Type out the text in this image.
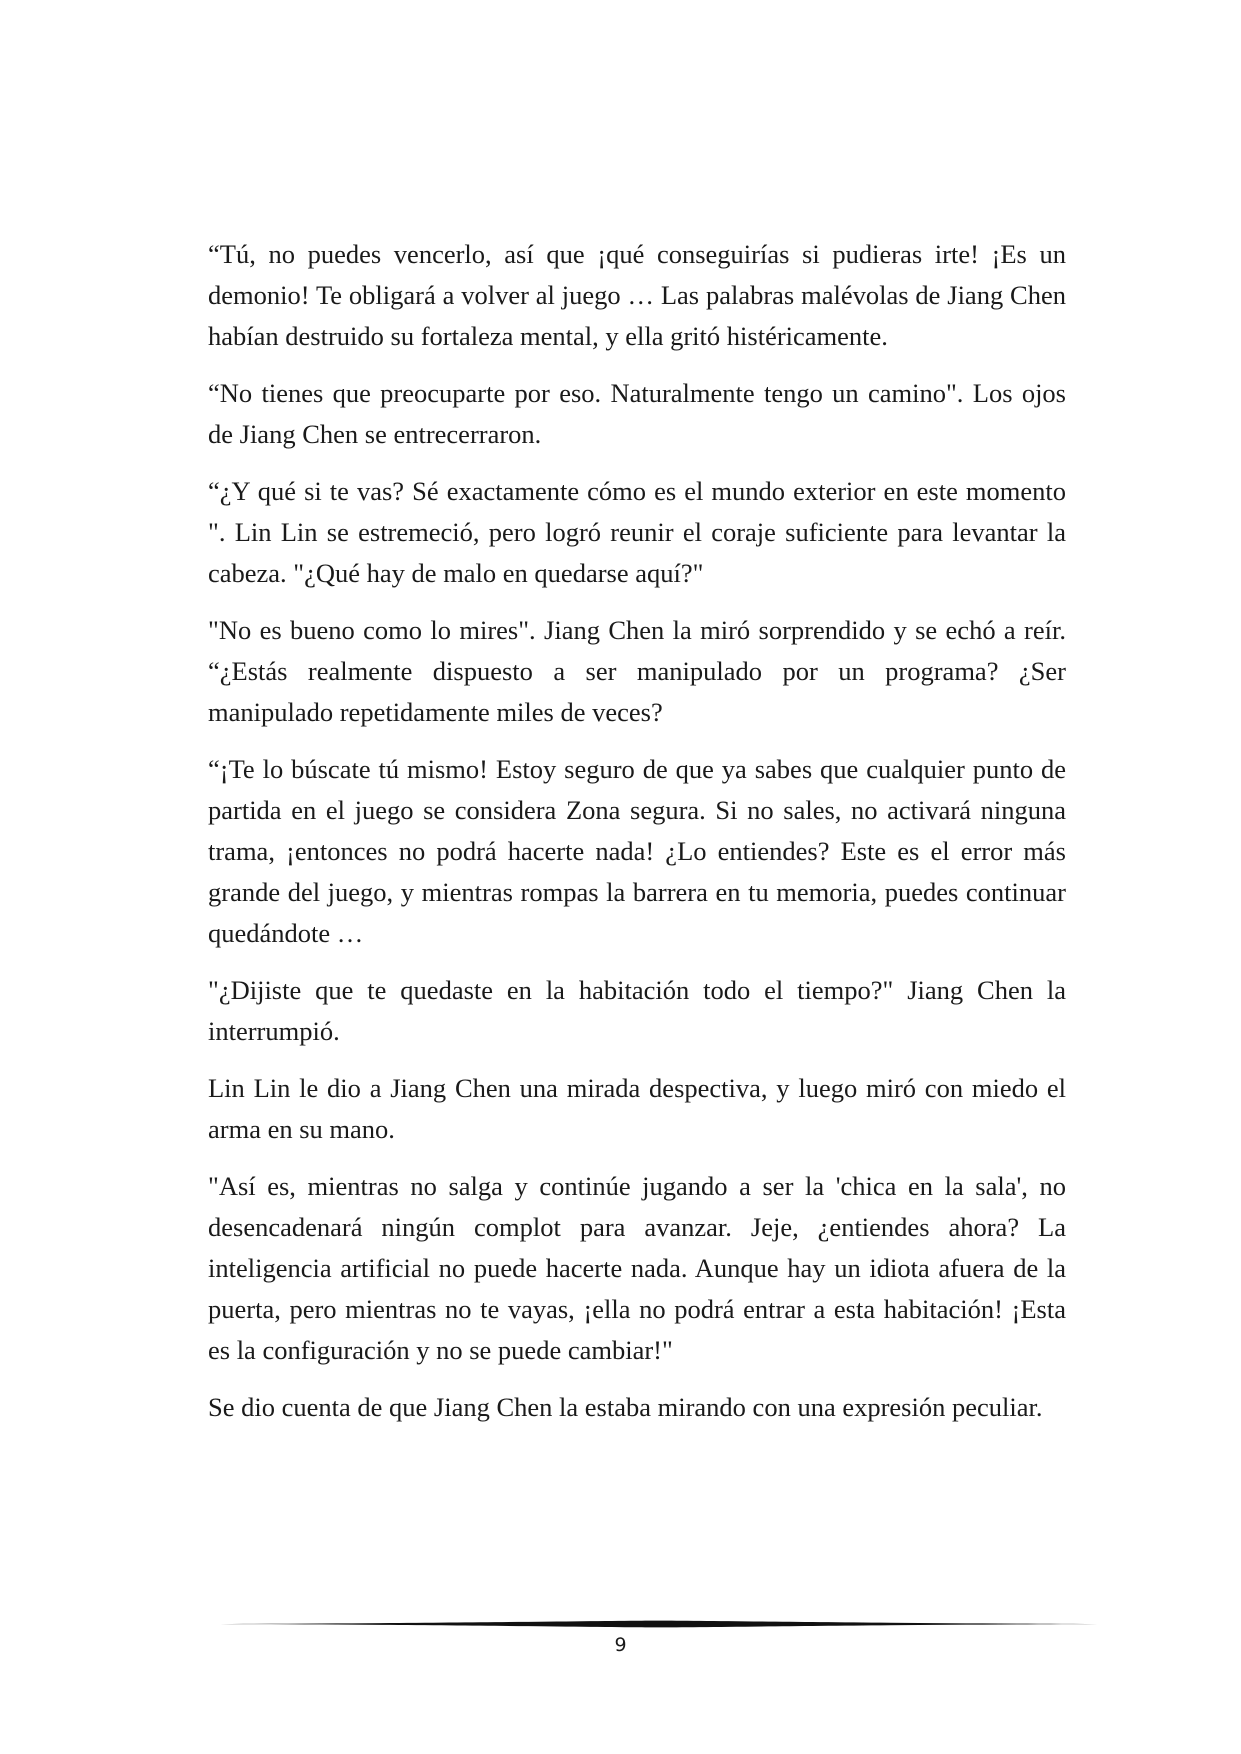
“Tú, no puedes vencerlo, así que ¡qué conseguirías si pudieras irte! ¡Es un demonio! Te obligará a volver al juego … Las palabras malévolas de Jiang Chen habían destruido su fortaleza mental, y ella gritó histéricamente.

“No tienes que preocuparte por eso. Naturalmente tengo un camino". Los ojos de Jiang Chen se entrecerraron.

“¿Y qué si te vas? Sé exactamente cómo es el mundo exterior en este momento ". Lin Lin se estremeció, pero logró reunir el coraje suficiente para levantar la cabeza. "¿Qué hay de malo en quedarse aquí?"

"No es bueno como lo mires". Jiang Chen la miró sorprendido y se echó a reír. “¿Estás realmente dispuesto a ser manipulado por un programa? ¿Ser manipulado repetidamente miles de veces?

“¡Te lo búscate tú mismo! Estoy seguro de que ya sabes que cualquier punto de partida en el juego se considera Zona segura. Si no sales, no activará ninguna trama, ¡entonces no podrá hacerte nada! ¿Lo entiendes? Este es el error más grande del juego, y mientras rompas la barrera en tu memoria, puedes continuar quedándote …

"¿Dijiste que te quedaste en la habitación todo el tiempo?" Jiang Chen la interrumpió.

Lin Lin le dio a Jiang Chen una mirada despectiva, y luego miró con miedo el arma en su mano.

"Así es, mientras no salga y continúe jugando a ser la 'chica en la sala', no desencadenará ningún complot para avanzar. Jeje, ¿entiendes ahora? La inteligencia artificial no puede hacerte nada. Aunque hay un idiota afuera de la puerta, pero mientras no te vayas, ¡ella no podrá entrar a esta habitación! ¡Esta es la configuración y no se puede cambiar!"

Se dio cuenta de que Jiang Chen la estaba mirando con una expresión peculiar.

9
